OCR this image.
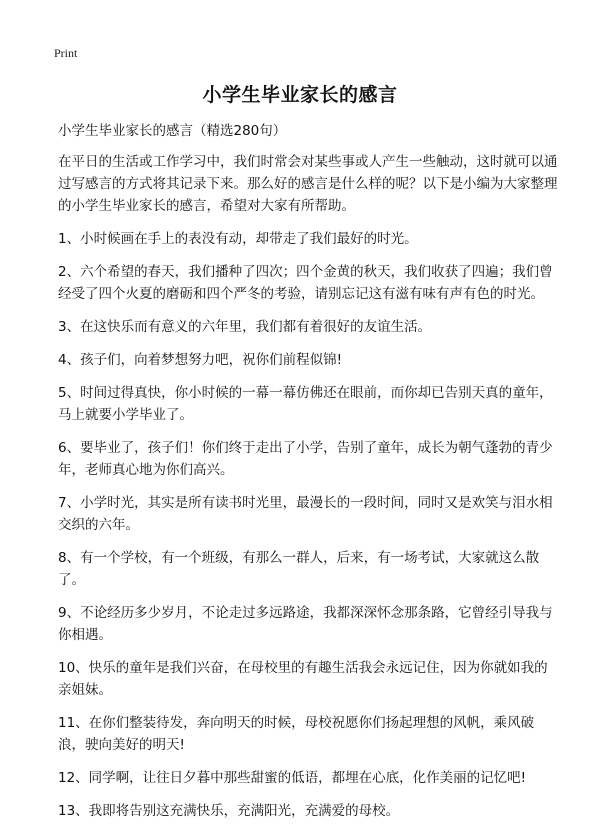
Print
小学生毕业家长的感言

小学生毕业家长的感言（精选280句）

在平日的生活或工作学习中，我们时常会对某些事或人产生一些触动，这时就可以通过写感言的方式将其记录下来。那么好的感言是什么样的呢？以下是小编为大家整理的小学生毕业家长的感言，希望对大家有所帮助。

1、小时候画在手上的表没有动，却带走了我们最好的时光。

2、六个希望的春天，我们播种了四次；四个金黄的秋天，我们收获了四遍；我们曾经受了四个火夏的磨砺和四个严冬的考验，请别忘记这有滋有味有声有色的时光。

3、在这快乐而有意义的六年里，我们都有着很好的友谊生活。

4、孩子们，向着梦想努力吧，祝你们前程似锦!

5、时间过得真快，你小时候的一幕一幕仿佛还在眼前，而你却已告别天真的童年，马上就要小学毕业了。

6、要毕业了，孩子们！你们终于走出了小学，告别了童年，成长为朝气蓬勃的青少年，老师真心地为你们高兴。

7、小学时光，其实是所有读书时光里，最漫长的一段时间，同时又是欢笑与泪水相交织的六年。

8、有一个学校，有一个班级，有那么一群人，后来，有一场考试，大家就这么散了。

9、不论经历多少岁月，不论走过多远路途，我都深深怀念那条路，它曾经引导我与你相遇。

10、快乐的童年是我们兴奋，在母校里的有趣生活我会永远记住，因为你就如我的亲姐妹。

11、在你们整装待发，奔向明天的时候，母校祝愿你们扬起理想的风帆，乘风破浪，驶向美好的明天!

12、同学啊，让往日夕暮中那些甜蜜的低语，都埋在心底，化作美丽的记忆吧!

13、我即将告别这充满快乐，充满阳光，充满爱的母校。
